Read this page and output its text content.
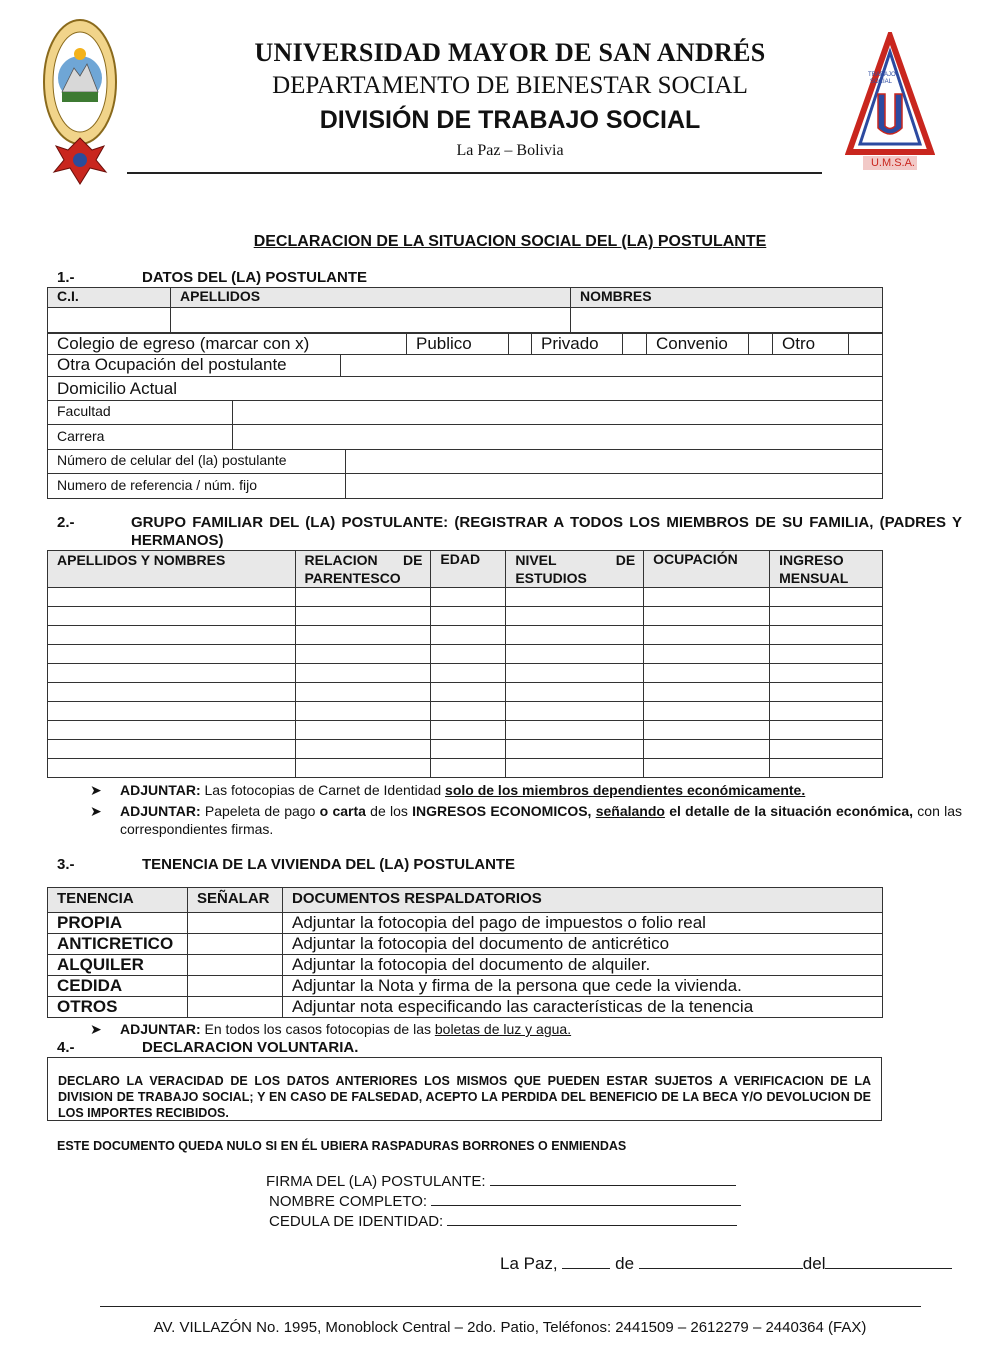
TRABAJO SOCIAL
U.M.S.A.
UNIVERSIDAD MAYOR DE SAN ANDRÉS
DEPARTAMENTO DE BIENESTAR SOCIAL
DIVISIÓN DE TRABAJO SOCIAL
La Paz – Bolivia
DECLARACION DE LA SITUACION SOCIAL DEL (LA) POSTULANTE
1.-	DATOS DEL (LA) POSTULANTE
C.I.	APELLIDOS	NOMBRES

Colegio de egreso (marcar con x)	Publico		Privado		Convenio		Otro	
Otra Ocupación del postulante	
Domicilio Actual
Facultad	
Carrera	
Número de celular del (la) postulante	
Numero de referencia / núm. fijo	
2.-	GRUPO FAMILIAR DEL (LA) POSTULANTE: (REGISTRAR A TODOS LOS MIEMBROS DE SU FAMILIA, (PADRES Y HERMANOS)
APELLIDOS Y NOMBRES	RELACION DE PARENTESCO	EDAD	NIVEL DE ESTUDIOS	OCUPACIÓN	INGRESO MENSUAL

➤ ADJUNTAR: Las fotocopias de Carnet de Identidad solo de los miembros dependientes económicamente.
➤ ADJUNTAR: Papeleta de pago o carta de los INGRESOS ECONOMICOS, señalando el detalle de la situación económica, con las correspondientes firmas.
3.-	TENENCIA DE LA VIVIENDA DEL (LA) POSTULANTE
TENENCIA	SEÑALAR	DOCUMENTOS RESPALDATORIOS
PROPIA		Adjuntar la fotocopia del pago de impuestos o folio real
ANTICRETICO		Adjuntar la fotocopia del documento de anticrético
ALQUILER		Adjuntar la fotocopia del documento de alquiler.
CEDIDA		Adjuntar la Nota y firma de la persona que cede la vivienda.
OTROS		Adjuntar nota especificando las características de la tenencia
➤ ADJUNTAR: En todos los casos fotocopias de las boletas de luz y agua.
4.-	DECLARACION VOLUNTARIA.
DECLARO LA VERACIDAD DE LOS DATOS ANTERIORES LOS MISMOS QUE PUEDEN ESTAR SUJETOS A VERIFICACION DE LA DIVISION DE TRABAJO SOCIAL; Y EN CASO DE FALSEDAD, ACEPTO LA PERDIDA DEL BENEFICIO DE LA BECA Y/O DEVOLUCION DE LOS IMPORTES RECIBIDOS.
ESTE DOCUMENTO QUEDA NULO SI EN ÉL UBIERA RASPADURAS BORRONES O ENMIENDAS
FIRMA DEL (LA) POSTULANTE:
NOMBRE COMPLETO:
CEDULA DE IDENTIDAD:
La Paz,	de	del
AV. VILLAZÓN No. 1995, Monoblock Central – 2do. Patio, Teléfonos: 2441509 – 2612279 – 2440364 (FAX)
